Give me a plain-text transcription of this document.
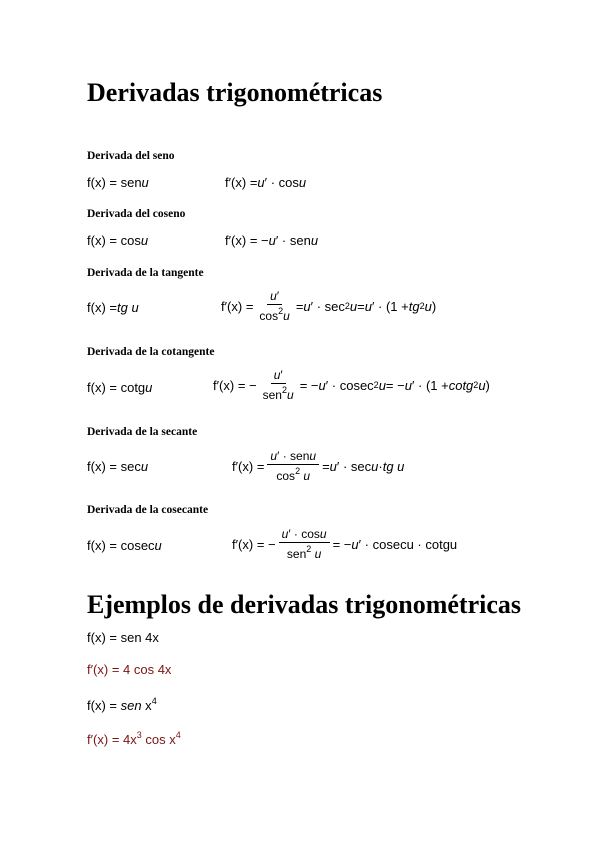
Derivadas trigonométricas
Derivada del seno
f(x) = sen u	f′(x) = u ′ · cos u
Derivada del coseno
f(x) = cos u	f′(x) = − u ′ · sen u
Derivada de la tangente
f(x) = tg u	$f'(x) = \frac{u'}{\cos^2u} = u$ ′ · sec 2 u = u ′ · (1 + tg 2 u )
Derivada de la cotangente
f(x) = cotg u	f′(x) = − $\frac{u'}{sen^2u}$ = − u ′ · cosec 2 u = − u ′ · (1 + cotg 2 u )
Derivada de la secante
f(x) = sec u	$f'(x) = \frac{\text{u′ · senu}}{\cos^2 u} = u$ ′ · sec u · tg u
Derivada de la cosecante
f(x) = cosec u	f′(x) = − $\frac{u' \cdot \cos u}{sen^2 u}$ = − u ′ · cosecu · cotgu
Ejemplos de derivadas trigonométricas
f(x) = sen 4x
f′(x) = 4 cos 4x
f(x) = sen $x^4$
$f'(x) = 4x^3$ $\cos x^4$
